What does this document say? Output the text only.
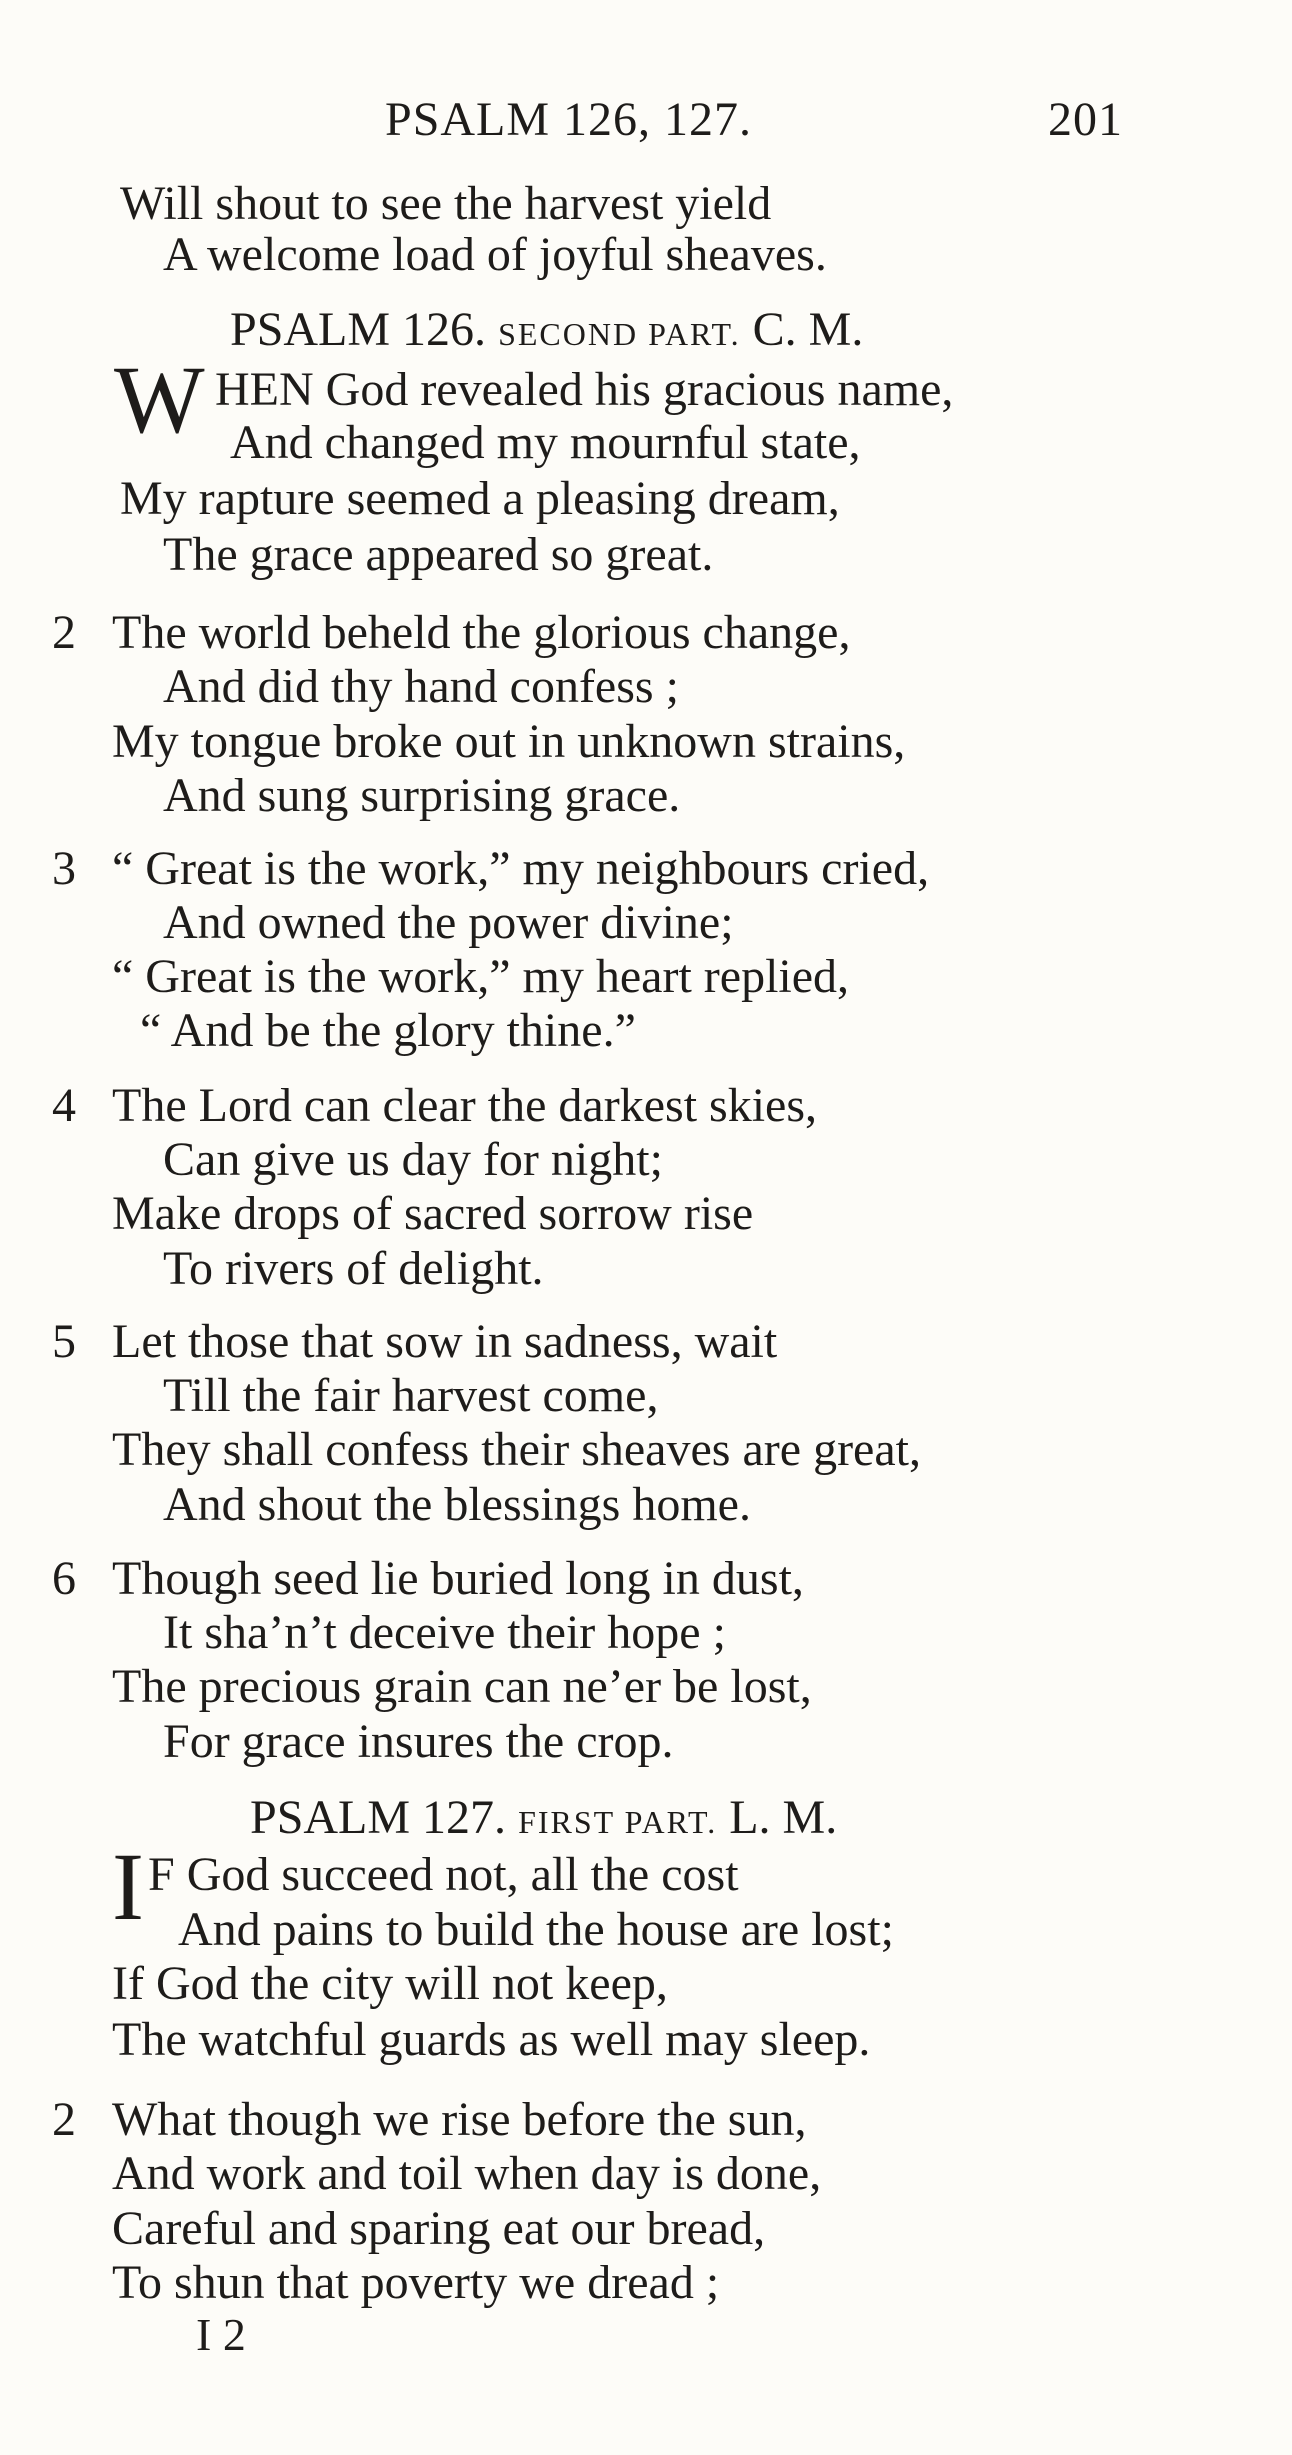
PSALM 126, 127.	201
Will shout to see the harvest yield
A welcome load of joyful sheaves.
PSALM 126. SECOND PART. C. M.
W HEN God revealed his gracious name,
And changed my mournful state,
My rapture seemed a pleasing dream,
The grace appeared so great.
2 The world beheld the glorious change,
And did thy hand confess ;
My tongue broke out in unknown strains,
And sung surprising grace.
3 “ Great is the work,” my neighbours cried,
And owned the power divine;
“ Great is the work,” my heart replied,
“ And be the glory thine.”
4 The Lord can clear the darkest skies,
Can give us day for night;
Make drops of sacred sorrow rise
To rivers of delight.
5 Let those that sow in sadness, wait
Till the fair harvest come,
They shall confess their sheaves are great,
And shout the blessings home.
6 Though seed lie buried long in dust,
It sha’n’t deceive their hope ;
The precious grain can ne’er be lost,
For grace insures the crop.
PSALM 127. FIRST PART. L. M.
I F God succeed not, all the cost
And pains to build the house are lost;
If God the city will not keep,
The watchful guards as well may sleep.
2 What though we rise before the sun,
And work and toil when day is done,
Careful and sparing eat our bread,
To shun that poverty we dread ;
I 2
